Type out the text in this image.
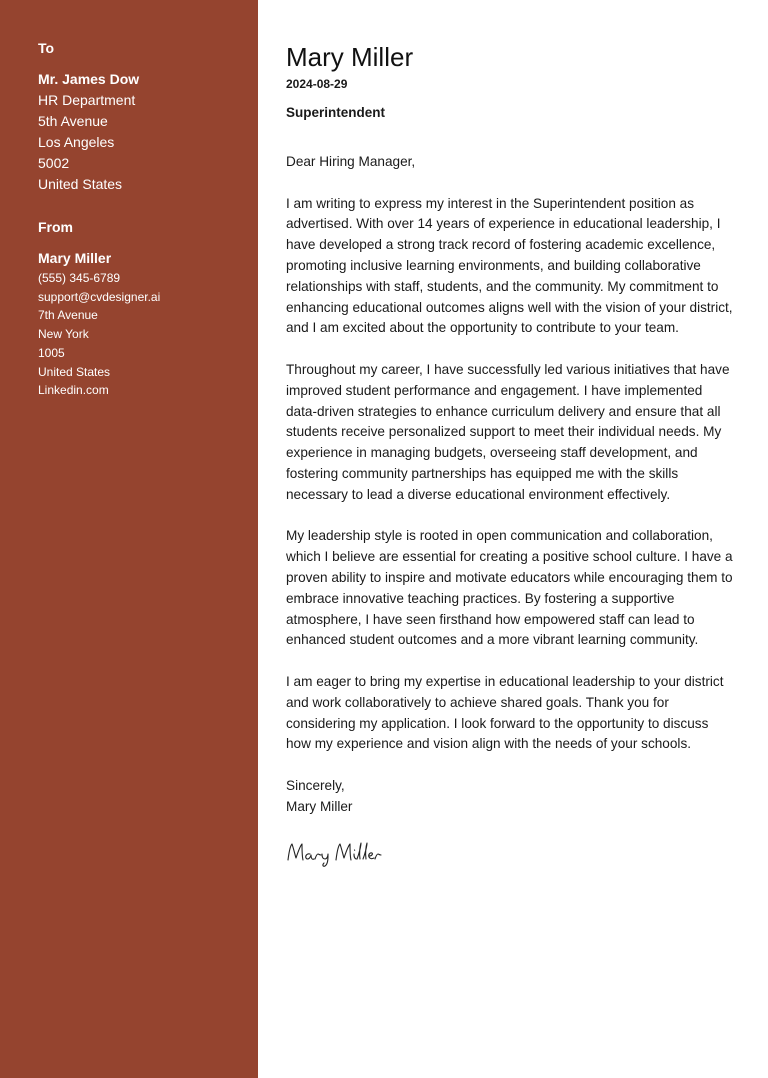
To
Mr. James Dow
HR Department
5th Avenue
Los Angeles
5002
United States
From
Mary Miller
(555) 345-6789
support@cvdesigner.ai
7th Avenue
New York
1005
United States
Linkedin.com
Mary Miller
2024-08-29
Superintendent

Dear Hiring Manager,

I am writing to express my interest in the Superintendent position as advertised. With over 14 years of experience in educational leadership, I have developed a strong track record of fostering academic excellence, promoting inclusive learning environments, and building collaborative relationships with staff, students, and the community. My commitment to enhancing educational outcomes aligns well with the vision of your district, and I am excited about the opportunity to contribute to your team.

Throughout my career, I have successfully led various initiatives that have improved student performance and engagement. I have implemented data-driven strategies to enhance curriculum delivery and ensure that all students receive personalized support to meet their individual needs. My experience in managing budgets, overseeing staff development, and fostering community partnerships has equipped me with the skills necessary to lead a diverse educational environment effectively.

My leadership style is rooted in open communication and collaboration, which I believe are essential for creating a positive school culture. I have a proven ability to inspire and motivate educators while encouraging them to embrace innovative teaching practices. By fostering a supportive atmosphere, I have seen firsthand how empowered staff can lead to enhanced student outcomes and a more vibrant learning community.

I am eager to bring my expertise in educational leadership to your district and work collaboratively to achieve shared goals. Thank you for considering my application. I look forward to the opportunity to discuss how my experience and vision align with the needs of your schools.

Sincerely,

Mary Miller
